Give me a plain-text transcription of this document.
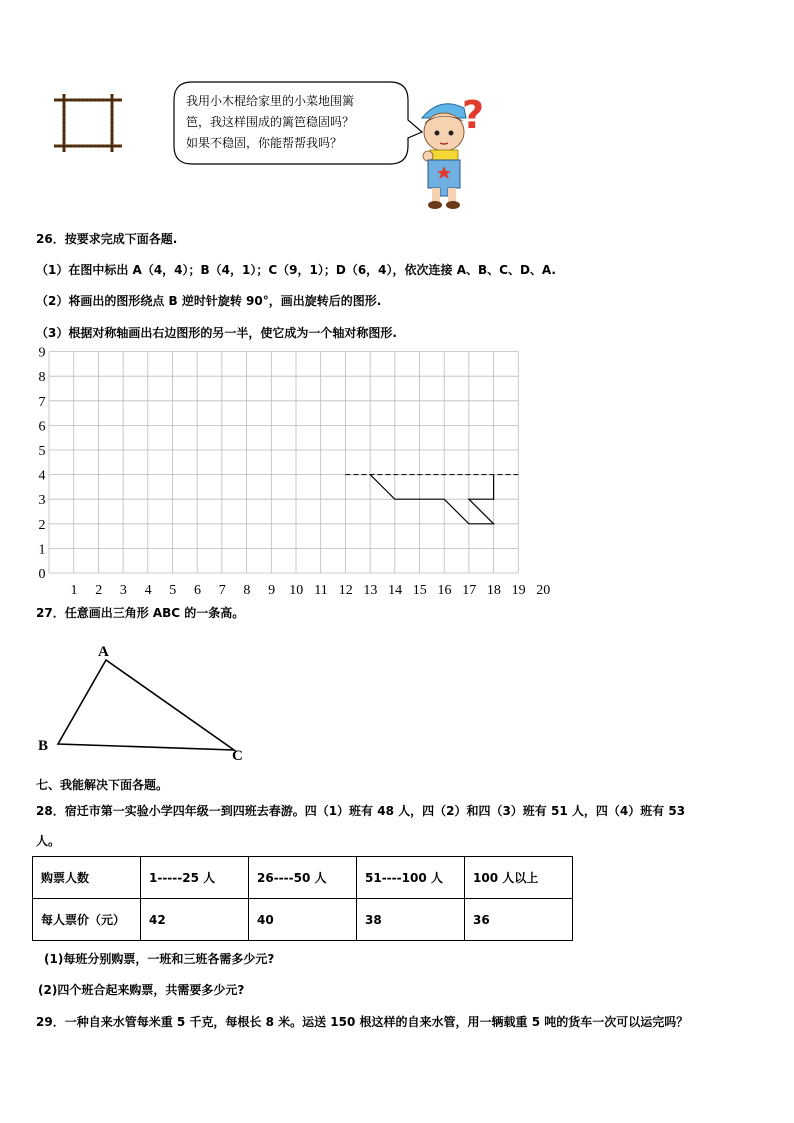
我用小木棍给家里的小菜地围篱
笆，我这样围成的篱笆稳固吗？
如果不稳固，你能帮帮我吗？
?
26．按要求完成下面各题.
（1）在图中标出 A（4，4）；B（4，1）；C（9，1）；D（6，4），依次连接 A、B、C、D、A.
（2）将画出的图形绕点 B 逆时针旋转 90°，画出旋转后的图形.
（3）根据对称轴画出右边图形的另一半，使它成为一个轴对称图形.
0
1
2
3
4
5
6
7
8
9
1 2 3 4 5 6 7 8 9 10 11 12 13 14 15 16 17 18 19 20
27．任意画出三角形 ABC 的一条高。
A
B
C
七、我能解决下面各题。
28．宿迁市第一实验小学四年级一到四班去春游。四（1）班有 48 人，四（2）和四（3）班有 51 人，四（4）班有 53
人。
购票人数	1-----25 人	26----50 人	51----100 人	100 人以上
每人票价（元）	42	40	38	36
(1)每班分别购票，一班和三班各需多少元?
(2)四个班合起来购票，共需要多少元?
29．一种自来水管每米重 5 千克，每根长 8 米。运送 150 根这样的自来水管，用一辆载重 5 吨的货车一次可以运完吗？
